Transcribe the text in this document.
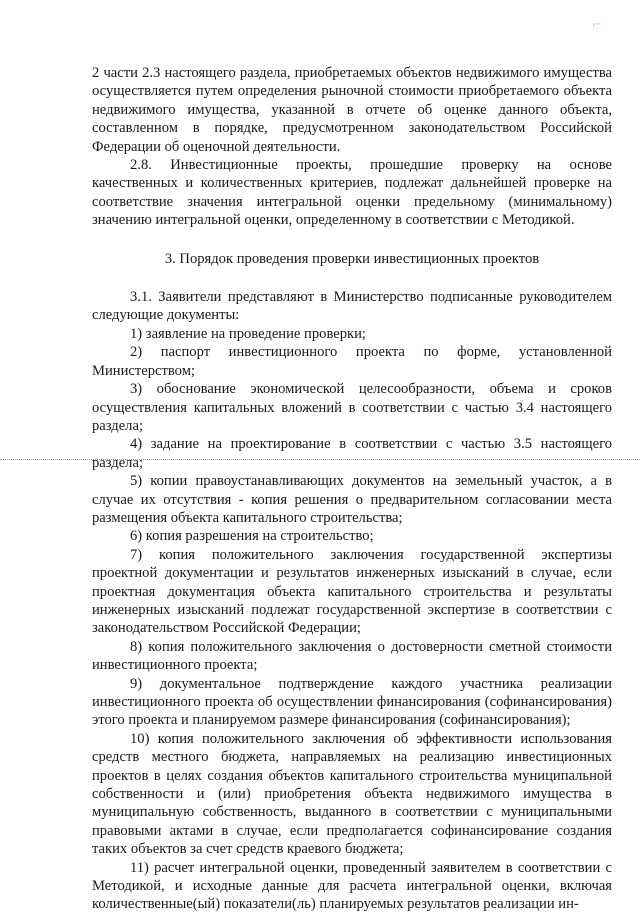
⌐

2 части 2.3 настоящего раздела, приобретаемых объектов недвижимого имущества осуществляется путем определения рыночной стоимости приобретаемого объекта недвижимого имущества, указанной в отчете об оценке данного объекта, составленном в порядке, предусмотренном законодательством Российской Федерации об оценочной деятельности.

2.8. Инвестиционные проекты, прошедшие проверку на основе качественных и количественных критериев, подлежат дальнейшей проверке на соответствие значения интегральной оценки предельному (минимальному) значению интегральной оценки, определенному в соответствии с Методикой.

3. Порядок проведения проверки инвестиционных проектов

3.1. Заявители представляют в Министерство подписанные руководителем следующие документы:

1) заявление на проведение проверки;

2) паспорт инвестиционного проекта по форме, установленной Министерством;

3) обоснование экономической целесообразности, объема и сроков осуществления капитальных вложений в соответствии с частью 3.4 настоящего раздела;

4) задание на проектирование в соответствии с частью 3.5 настоящего раздела;

5) копии правоустанавливающих документов на земельный участок, а в случае их отсутствия - копия решения о предварительном согласовании места размещения объекта капитального строительства;

6) копия разрешения на строительство;

7) копия положительного заключения государственной экспертизы проектной документации и результатов инженерных изысканий в случае, если проектная документация объекта капитального строительства и результаты инженерных изысканий подлежат государственной экспертизе в соответствии с законодательством Российской Федерации;

8) копия положительного заключения о достоверности сметной стоимости инвестиционного проекта;

9) документальное подтверждение каждого участника реализации инвестиционного проекта об осуществлении финансирования (софинансирования) этого проекта и планируемом размере финансирования (софинансирования);

10) копия положительного заключения об эффективности использования средств местного бюджета, направляемых на реализацию инвестиционных проектов в целях создания объектов капитального строительства муниципальной собственности и (или) приобретения объекта недвижимого имущества в муниципальную собственность, выданного в соответствии с муниципальными правовыми актами в случае, если предполагается софинансирование создания таких объектов за счет средств краевого бюджета;

11) расчет интегральной оценки, проведенный заявителем в соответствии с Методикой, и исходные данные для расчета интегральной оценки, включая количественные(ый) показатели(ль) планируемых результатов реализации ин-
